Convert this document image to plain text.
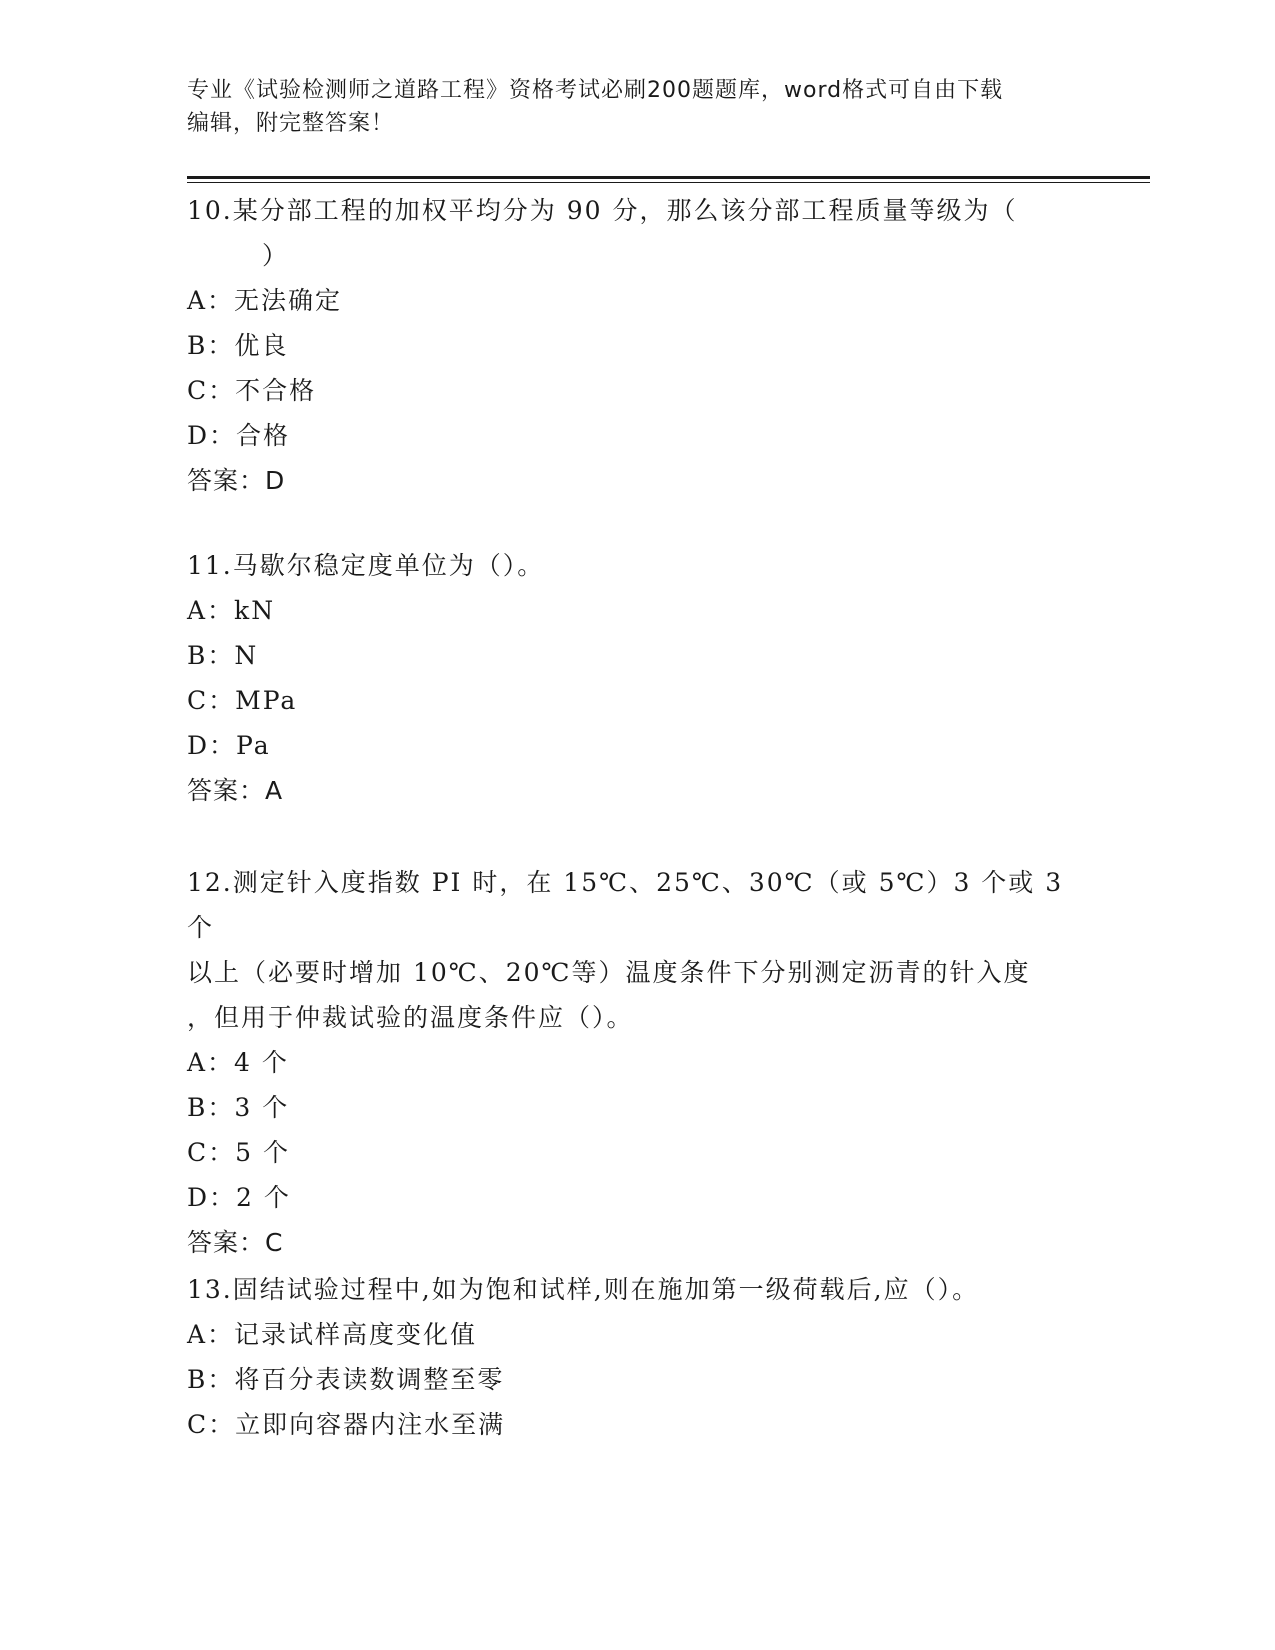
专业《试验检测师之道路工程》资格考试必刷200题题库，word格式可自由下载
编辑，附完整答案！

10.某分部工程的加权平均分为 90 分，那么该分部工程质量等级为（
）

A：无法确定

B：优良

C：不合格

D：合格

答案：D

11.马歇尔稳定度单位为（）。

A：kN

B：N

C：MPa

D：Pa

答案：A

12.测定针入度指数 PI 时，在 15℃、25℃、30℃（或 5℃）3 个或 3 个

以上（必要时增加 10℃、20℃等）温度条件下分别测定沥青的针入度

，但用于仲裁试验的温度条件应（）。

A：4 个

B：3 个

C：5 个

D：2 个

答案：C

13.固结试验过程中,如为饱和试样,则在施加第一级荷载后,应（）。

A：记录试样高度变化值

B：将百分表读数调整至零

C：立即向容器内注水至满
